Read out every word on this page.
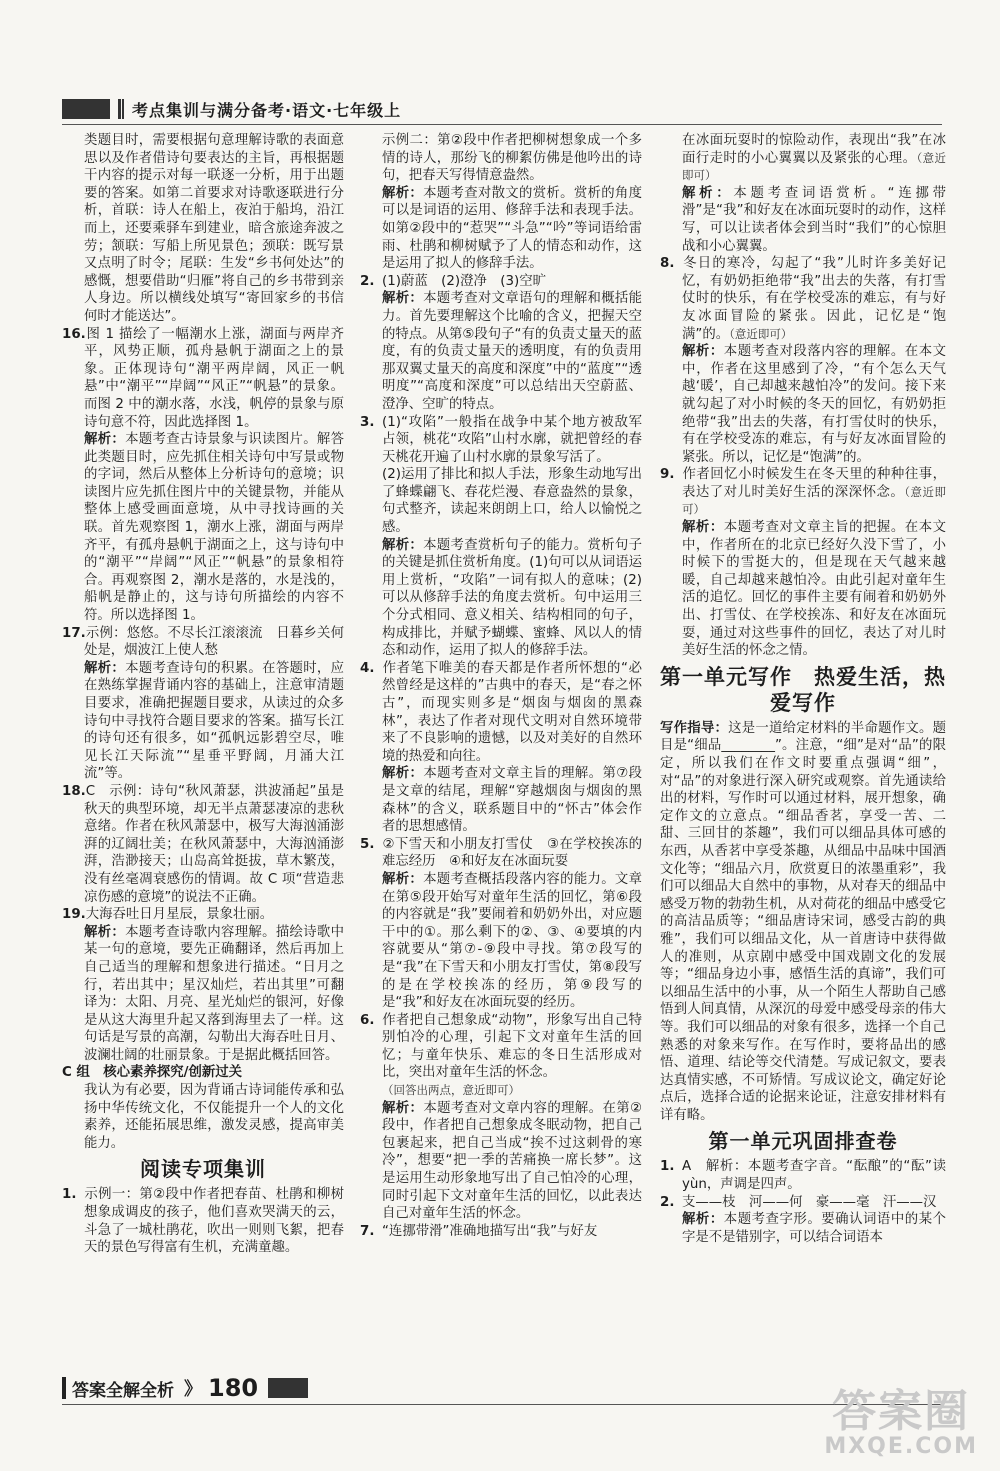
考点集训与满分备考·语文·七年级上

类题目时，需要根据句意理解诗歌的表面意思以及作者借诗句要表达的主旨，再根据题干内容的提示对每一联逐一分析，用于出题要的答案。如第二首要求对诗歌逐联进行分析，首联：诗人在船上，夜泊于船坞，沿江而上，还要乘驿车到建业，暗含旅途奔波之劳；颔联：写船上所见景色；颈联：既写景又点明了时令；尾联：生发“乡书何处达”的感慨，想要借助“归雁”将自己的乡书带到亲人身边。所以横线处填写“寄回家乡的书信何时才能送达”。

16.图 1 描绘了一幅潮水上涨，湖面与两岸齐平，风势正顺，孤舟悬帆于湖面之上的景象。正体现诗句“潮平两岸阔，风正一帆悬”中“潮平”“岸阔”“风正”“帆悬”的景象。而图 2 中的潮水落，水浅，帆停的景象与原诗句意不符，因此选择图 1。

解析：本题考查古诗景象与识读图片。解答此类题目时，应先抓住相关诗句中写景或物的字词，然后从整体上分析诗句的意境；识读图片应先抓住图片中的关键景物，并能从整体上感受画面意境，从中寻找诗画的关联。首先观察图 1，潮水上涨，湖面与两岸齐平，有孤舟悬帆于湖面之上，这与诗句中的“潮平”“岸阔”“风正”“帆悬”的景象相符合。再观察图 2，潮水是落的，水是浅的，船帆是静止的，这与诗句所描绘的内容不符。所以选择图 1。

17.示例：悠悠。不尽长江滚滚流　日暮乡关何处是，烟波江上使人愁

解析：本题考查诗句的积累。在答题时，应在熟练掌握背诵内容的基础上，注意审清题目要求，准确把握题目要求，从读过的众多诗句中寻找符合题目要求的答案。描写长江的诗句还有很多，如“孤帆远影碧空尽，唯见长江天际流”“星垂平野阔，月涌大江流”等。

18.C　示例：诗句“秋风萧瑟，洪波涌起”虽是秋天的典型环境，却无半点萧瑟凄凉的悲秋意绪。作者在秋风萧瑟中，极写大海汹涌澎湃的辽阔壮美；在秋风萧瑟中，大海汹涌澎湃，浩渺接天；山岛高耸挺拔，草木繁茂，没有丝毫凋衰感伤的情调。故 C 项“营造悲凉伤感的意境”的说法不正确。

19.大海吞吐日月星辰，景象壮丽。

解析：本题考查诗歌内容理解。描绘诗歌中某一句的意境，要先正确翻译，然后再加上自己适当的理解和想象进行描述。“日月之行，若出其中；星汉灿烂，若出其里”可翻译为：太阳、月亮、星光灿烂的银河，好像是从这大海里升起又落到海里去了一样。这句话是写景的高潮，勾勒出大海吞吐日月、波澜壮阔的壮丽景象。于是据此概括回答。

C 组　核心素养探究/创新过关

我认为有必要，因为背诵古诗词能传承和弘扬中华传统文化，不仅能提升一个人的文化素养，还能拓展思维，激发灵感，提高审美能力。

阅读专项集训

1. 示例一：第②段中作者把春苗、杜鹃和柳树想象成调皮的孩子，他们喜欢哭满天的云，斗急了一城杜鹃花，吹出一则则飞絮，把春天的景色写得富有生机，充满童趣。

示例二：第②段中作者把柳树想象成一个多情的诗人，那纷飞的柳絮仿佛是他吟出的诗句，把春天写得情意盎然。

解析：本题考查对散文的赏析。赏析的角度可以是词语的运用、修辞手法和表现手法。如第②段中的“惹哭”“斗急”“吟”等词语给雷雨、杜鹃和柳树赋予了人的情态和动作，这是运用了拟人的修辞手法。

2. (1)蔚蓝　(2)澄净　(3)空旷

解析：本题考查对文章语句的理解和概括能力。首先要理解这个比喻的含义，把握天空的特点。从第⑤段句子“有的负责丈量天的蓝度，有的负责丈量天的透明度，有的负责用那双翼丈量天的高度和深度”中的“蓝度”“透明度”“高度和深度”可以总结出天空蔚蓝、澄净、空旷的特点。

3. (1)“攻陷”一般指在战争中某个地方被敌军占领，桃花“攻陷”山村水廓，就把曾经的春天桃花开遍了山村水廓的景象写活了。

(2)运用了排比和拟人手法，形象生动地写出了蜂蝶翩飞、春花烂漫、春意盎然的景象，句式整齐，读起来朗朗上口，给人以愉悦之感。

解析：本题考查赏析句子的能力。赏析句子的关键是抓住赏析角度。(1)句可以从词语运用上赏析，“攻陷”一词有拟人的意味；(2)可以从修辞手法的角度去赏析。句中运用三个分式相同、意义相关、结构相同的句子，构成排比，并赋予蝴蝶、蜜蜂、风以人的情态和动作，运用了拟人的修辞手法。

4. 作者笔下唯美的春天都是作者所怀想的“必然曾经是这样的”古典中的春天，是“春之怀古”，而现实则多是“烟囱与烟囱的黑森林”，表达了作者对现代文明对自然环境带来了不良影响的遗憾，以及对美好的自然环境的热爱和向往。

解析：本题考查对文章主旨的理解。第⑦段是文章的结尾，理解“穿越烟囱与烟囱的黑森林”的含义，联系题目中的“怀古”体会作者的思想感情。

5. ②下雪天和小朋友打雪仗　③在学校挨冻的难忘经历　④和好友在冰面玩耍

解析：本题考查概括段落内容的能力。文章在第⑤段开始写对童年生活的回忆，第⑥段的内容就是“我”要闹着和奶奶外出，对应题干中的①。那么剩下的②、③、④要填的内容就要从“第⑦-⑨段中寻找。第⑦段写的是“我”在下雪天和小朋友打雪仗，第⑧段写的是在学校挨冻的经历，第⑨段写的是“我”和好友在冰面玩耍的经历。

6. 作者把自己想象成“动物”，形象写出自己特别怕冷的心理，引起下文对童年生活的回忆；与童年快乐、难忘的冬日生活形成对比，突出对童年生活的怀念。

（回答出两点，意近即可）

解析：本题考查对文章内容的理解。在第②段中，作者把自己想象成冬眠动物，把自己包裹起来，把自己当成“挨不过这刺骨的寒冷”，想要“把一季的苦痛换一席长梦”。这是运用生动形象地写出了自己怕冷的心理，同时引起下文对童年生活的回忆，以此表达自己对童年生活的怀念。

7. “连挪带滑”准确地描写出“我”与好友

在冰面玩耍时的惊险动作，表现出“我”在冰面行走时的小心翼翼以及紧张的心理。（意近即可）

解析：本题考查词语赏析。“连挪带滑”是“我”和好友在冰面玩耍时的动作，这样写，可以让读者体会到当时“我们”的心惊胆战和小心翼翼。

8. 冬日的寒冷，勾起了“我”儿时许多美好记忆，有奶奶拒绝带“我”出去的失落，有打雪仗时的快乐，有在学校受冻的难忘，有与好友冰面冒险的紧张。因此，记忆是“饱满”的。（意近即可）

解析：本题考查对段落内容的理解。在本文中，作者在这里感到了冷，“有个怎么天气越‘暖’，自己却越来越怕冷”的发问。接下来就勾起了对小时候的冬天的回忆，有奶奶拒绝带“我”出去的失落，有打雪仗时的快乐，有在学校受冻的难忘，有与好友冰面冒险的紧张。所以，记忆是“饱满”的。

9. 作者回忆小时候发生在冬天里的种种往事，表达了对儿时美好生活的深深怀念。（意近即可）

解析：本题考查对文章主旨的把握。在本文中，作者所在的北京已经好久没下雪了，小时候下的雪挺大的，但是现在天气越来越暖，自己却越来越怕冷。由此引起对童年生活的追忆。回忆的事件主要有闹着和奶奶外出、打雪仗、在学校挨冻、和好友在冰面玩耍，通过对这些事件的回忆，表达了对儿时美好生活的怀念之情。

第一单元写作　热爱生活，热爱写作

写作指导：这是一道给定材料的半命题作文。题目是“细品________”。注意，“细”是对“品”的限定，所以我们在作文时要重点强调“细”，对“品”的对象进行深入研究或观察。首先通读给出的材料，写作时可以通过材料，展开想象，确定作文的立意点。“细品香茗，享受一苦、二甜、三回甘的茶趣”，我们可以细品具体可感的东西，从香茗中享受茶趣，从细品中品味中国酒文化等；“细品六月，欣赏夏日的浓墨重彩”，我们可以细品大自然中的事物，从对春天的细品中感受万物的勃勃生机，从对荷花的细品中感受它的高洁品质等；“细品唐诗宋词，感受古韵的典雅”，我们可以细品文化，从一首唐诗中获得做人的准则，从京剧中感受中国戏剧文化的发展等；“细品身边小事，感悟生活的真谛”，我们可以细品生活中的小事，从一个陌生人帮助自己感悟到人间真情，从深沉的母爱中感受母亲的伟大等。我们可以细品的对象有很多，选择一个自己熟悉的对象来写作。在写作时，要将品出的感悟、道理、结论等交代清楚。写成记叙文，要表达真情实感，不可矫情。写成议论文，确定好论点后，选择合适的论据来论证，注意安排材料有详有略。

第一单元巩固排查卷

1. A　解析：本题考查字音。“酝酿”的“酝”读 yùn，声调是四声。

2. 支——枝　河——何　豪——毫　汗——汉

解析：本题考查字形。要确认词语中的某个字是不是错别字，可以结合词语本

答案全解全析 》 180	答案圈
MXQE.COM
